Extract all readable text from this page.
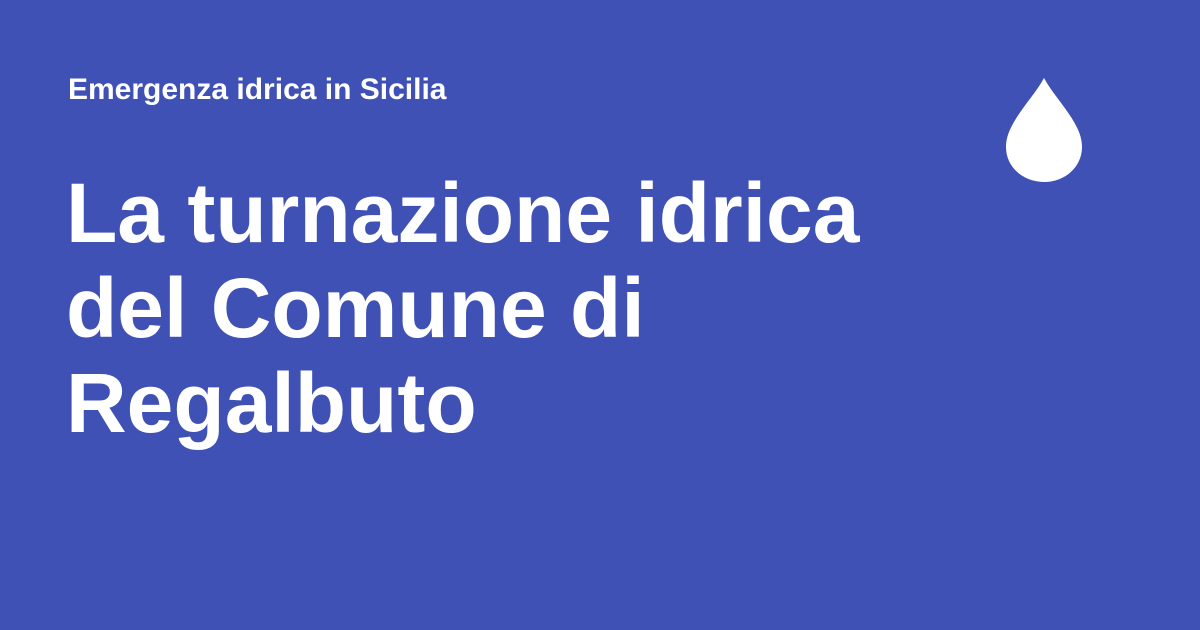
Emergenza idrica in Sicilia
La turnazione idrica
del Comune di
Regalbuto
